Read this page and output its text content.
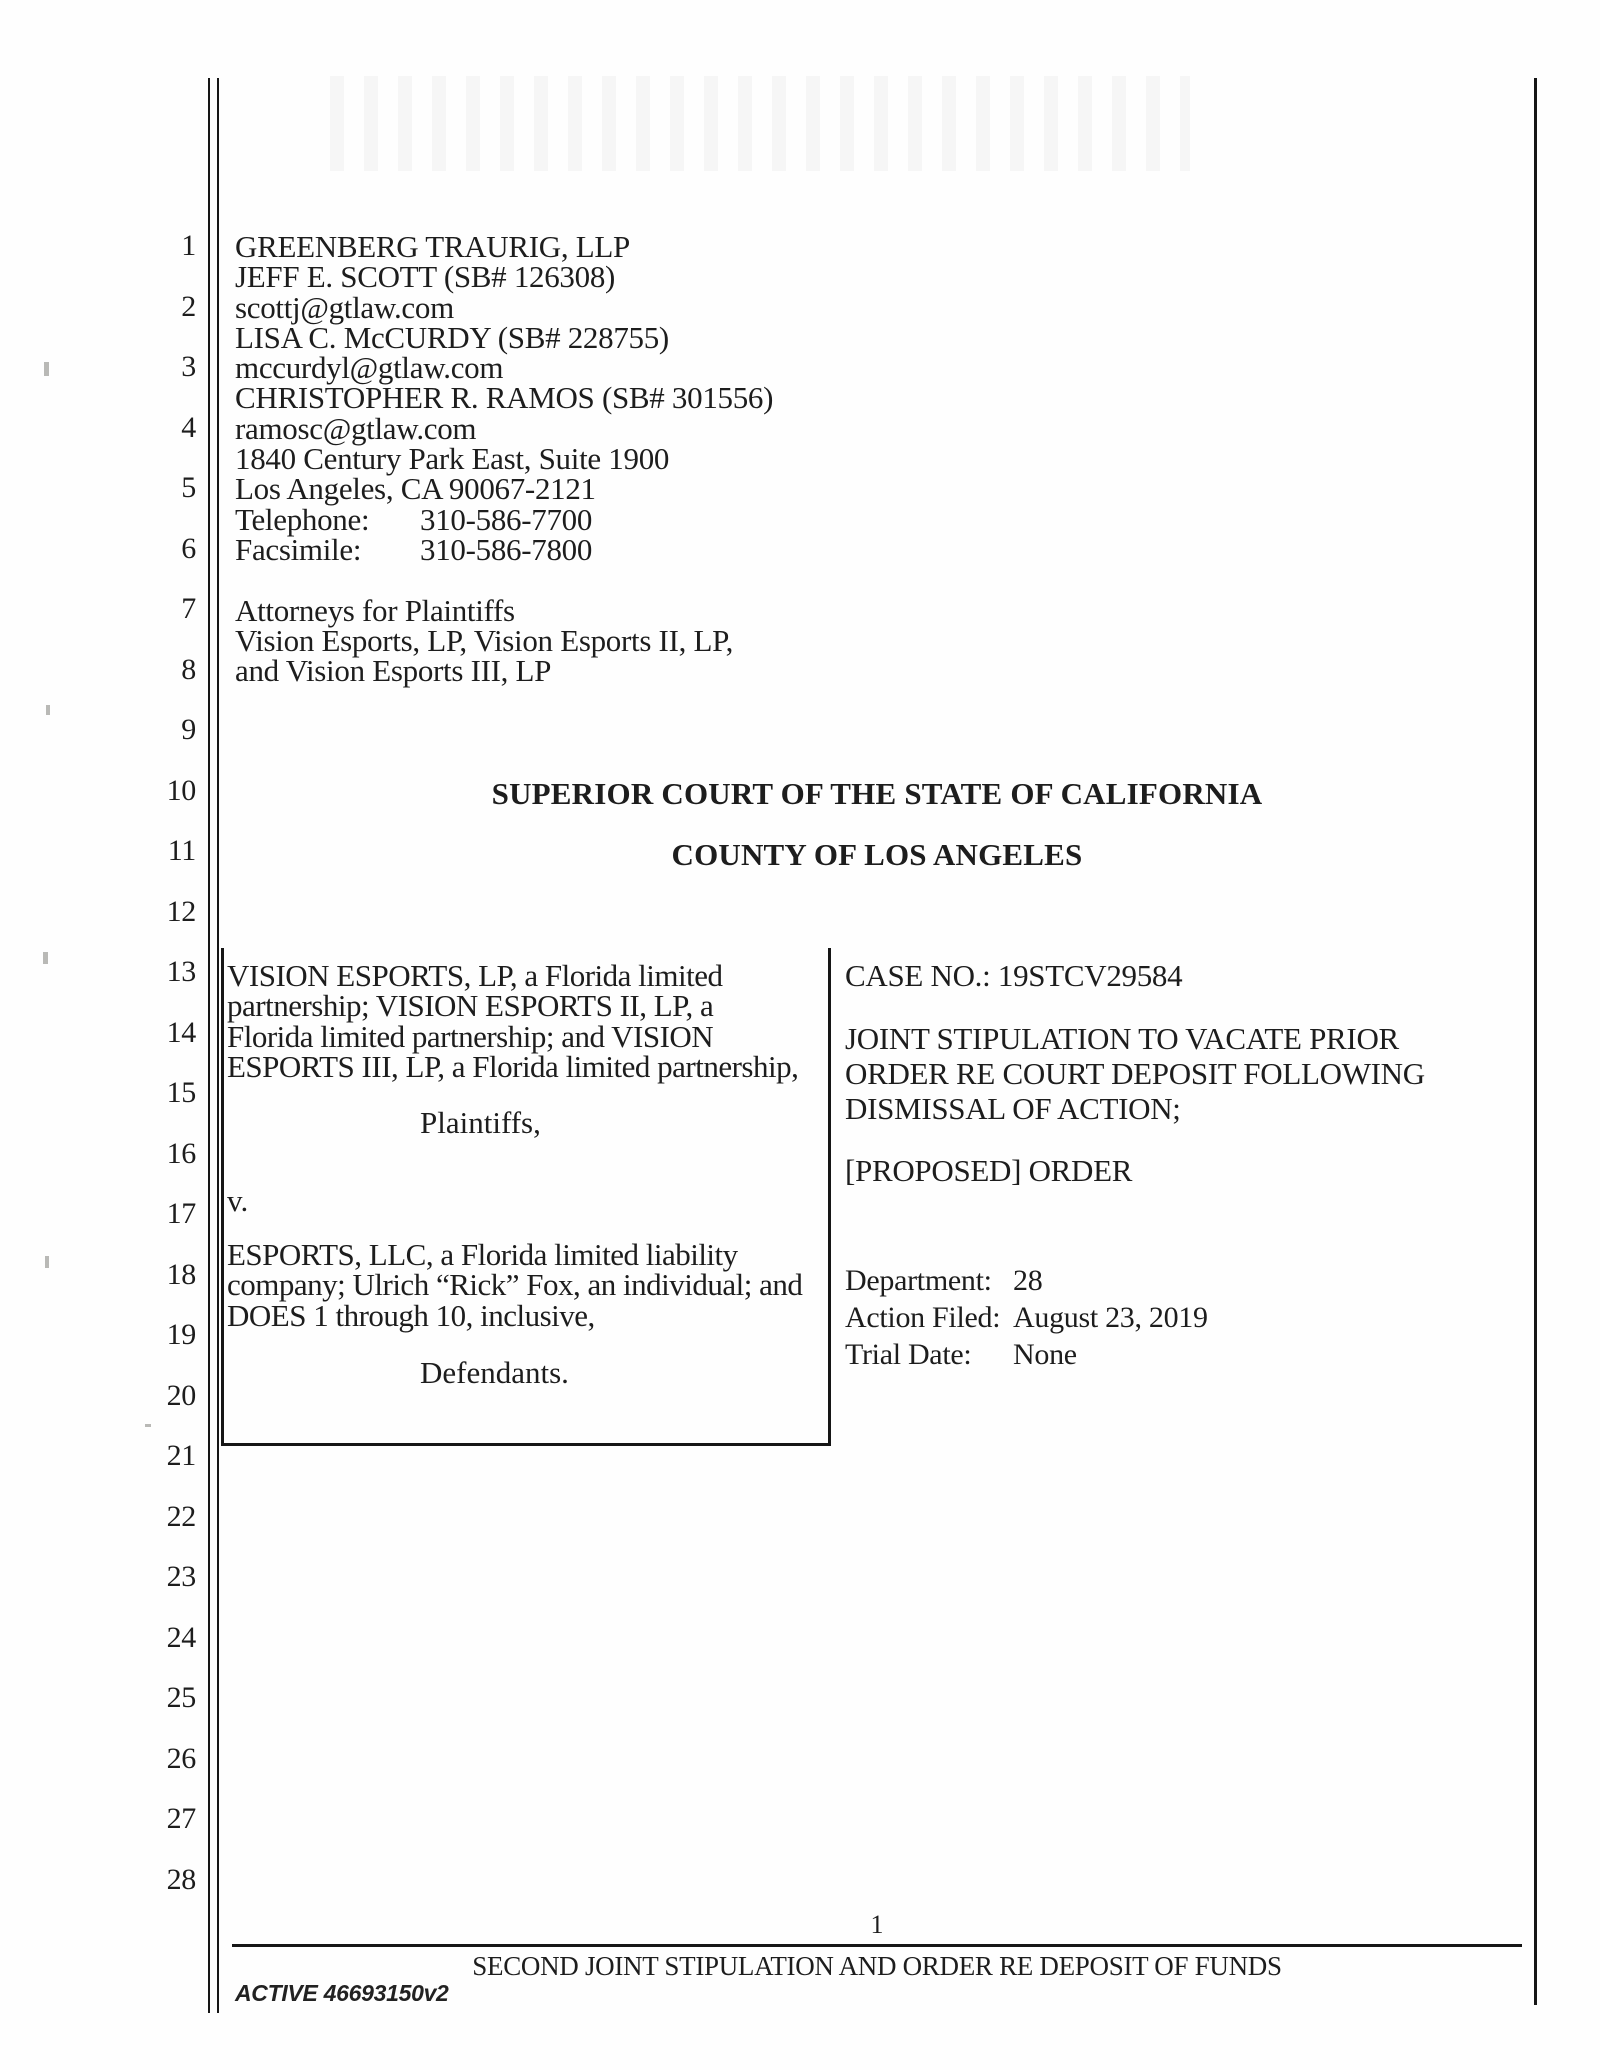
1
2
3
4
5
6
7
8
9
10
11
12
13
14
15
16
17
18
19
20
21
22
23
24
25
26
27
28
GREENBERG TRAURIG, LLP
JEFF E. SCOTT (SB# 126308)
scottj@gtlaw.com
LISA C. McCURDY (SB# 228755)
mccurdyl@gtlaw.com
CHRISTOPHER R. RAMOS (SB# 301556)
ramosc@gtlaw.com
1840 Century Park East, Suite 1900
Los Angeles, CA 90067-2121
Telephone: 310-586-7700
Facsimile: 310-586-7800
Attorneys for Plaintiffs
Vision Esports, LP, Vision Esports II, LP,
and Vision Esports III, LP
SUPERIOR COURT OF THE STATE OF CALIFORNIA
COUNTY OF LOS ANGELES
VISION ESPORTS, LP, a Florida limited
partnership; VISION ESPORTS II, LP, a
Florida limited partnership; and VISION
ESPORTS III, LP, a Florida limited partnership,
Plaintiffs,
v.
ESPORTS, LLC, a Florida limited liability
company; Ulrich “Rick” Fox, an individual; and
DOES 1 through 10, inclusive,
Defendants.
CASE NO.: 19STCV29584
JOINT STIPULATION TO VACATE PRIOR
ORDER RE COURT DEPOSIT FOLLOWING
DISMISSAL OF ACTION;
[PROPOSED] ORDER
Department: 28
Action Filed: August 23, 2019
Trial Date: None
1
SECOND JOINT STIPULATION AND ORDER RE DEPOSIT OF FUNDS
ACTIVE 46693150v2
